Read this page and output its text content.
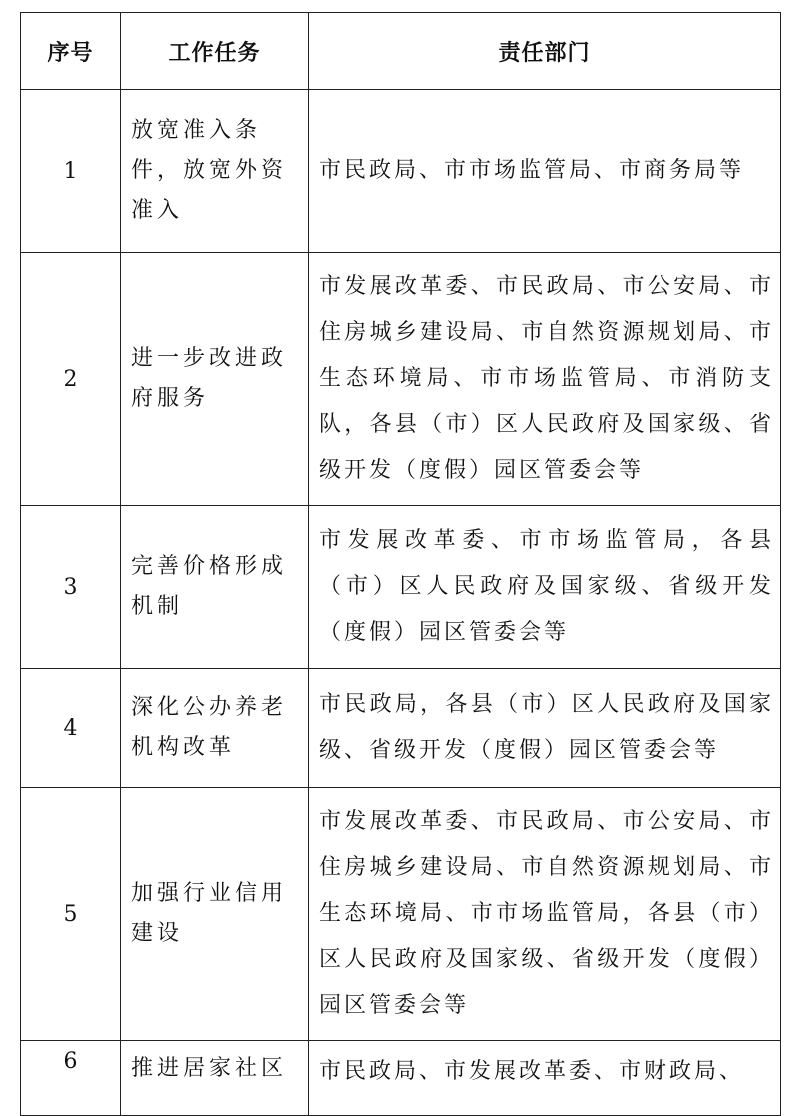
序号	工作任务	责任部门
1	放宽准入条件，放宽外资准入	市民政局、市市场监管局、市商务局等
2	进一步改进政府服务	市发展改革委、市民政局、市公安局、市住房城乡建设局、市自然资源规划局、市生态环境局、市市场监管局、市消防支队，各县（市）区人民政府及国家级、省级开发（度假）园区管委会等
3	完善价格形成机制	市发展改革委、市市场监管局，各县（市）区人民政府及国家级、省级开发（度假）园区管委会等
4	深化公办养老机构改革	市民政局，各县（市）区人民政府及国家级、省级开发（度假）园区管委会等
5	加强行业信用建设	市发展改革委、市民政局、市公安局、市住房城乡建设局、市自然资源规划局、市生态环境局、市市场监管局，各县（市）区人民政府及国家级、省级开发（度假）园区管委会等
6	推进居家社区	市民政局、市发展改革委、市财政局、
